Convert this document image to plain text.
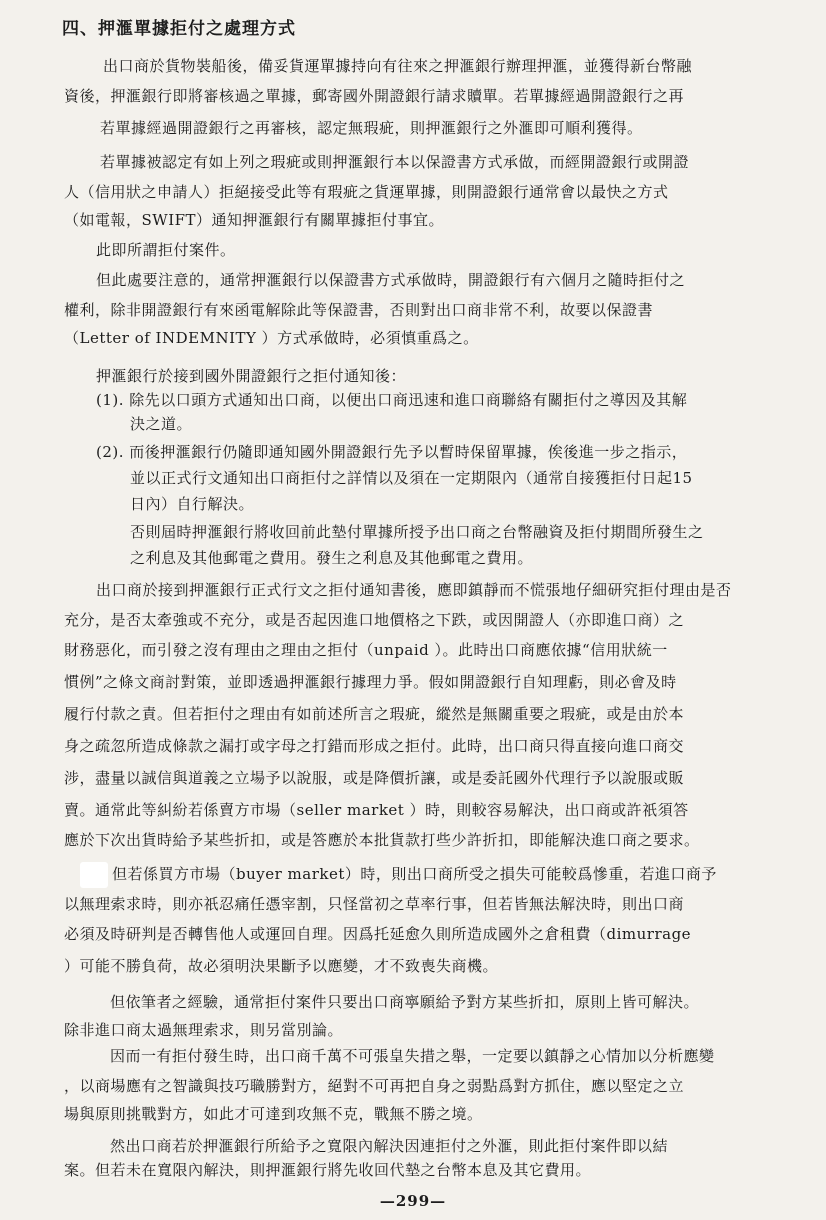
四、押滙單據拒付之處理方式
出口商於貨物裝船後，備妥貨運單據持向有往來之押滙銀行辦理押滙，並獲得新台幣融
資後，押滙銀行即將審核過之單據，郵寄國外開證銀行請求贖單。若單據經過開證銀行之再
若單據經過開證銀行之再審核，認定無瑕疵，則押滙銀行之外滙即可順利獲得。
若單據被認定有如上列之瑕疵或則押滙銀行本以保證書方式承做，而經開證銀行或開證
人（信用狀之申請人）拒絕接受此等有瑕疵之貨運單據，則開證銀行通常會以最快之方式
（如電報，SWIFT）通知押滙銀行有關單據拒付事宜。
此即所謂拒付案件。
但此處要注意的，通常押滙銀行以保證書方式承做時，開證銀行有六個月之隨時拒付之
權利，除非開證銀行有來函電解除此等保證書，否則對出口商非常不利，故要以保證書
（Letter of INDEMNITY ）方式承做時，必須慎重爲之。
押滙銀行於接到國外開證銀行之拒付通知後：
(1). 除先以口頭方式通知出口商，以便出口商迅速和進口商聯絡有關拒付之導因及其解
決之道。
(2). 而後押滙銀行仍隨即通知國外開證銀行先予以暫時保留單據，俟後進一步之指示，
並以正式行文通知出口商拒付之詳情以及須在一定期限內（通常自接獲拒付日起15
日內）自行解決。
否則屆時押滙銀行將收回前此墊付單據所授予出口商之台幣融資及拒付期間所發生之
之利息及其他郵電之費用。發生之利息及其他郵電之費用。
出口商於接到押滙銀行正式行文之拒付通知書後，應即鎮靜而不慌張地仔細研究拒付理由是否
充分，是否太牽強或不充分，或是否起因進口地價格之下跌，或因開證人（亦即進口商）之
財務惡化，而引發之沒有理由之理由之拒付（unpaid ）。此時出口商應依據“信用狀統一
慣例”之條文商討對策，並即透過押滙銀行據理力爭。假如開證銀行自知理虧，則必會及時
履行付款之責。但若拒付之理由有如前述所言之瑕疵，縱然是無關重要之瑕疵，或是由於本
身之疏忽所造成條款之漏打或字母之打錯而形成之拒付。此時，出口商只得直接向進口商交
涉，盡量以誠信與道義之立場予以說服，或是降價折讓，或是委託國外代理行予以說服或販
賣。通常此等糾紛若係賣方市場（seller market ）時，則較容易解決，出口商或許祇須答
應於下次出貨時給予某些折扣，或是答應於本批貨款打些少許折扣，即能解決進口商之要求。
但若係買方市場（buyer market）時，則出口商所受之損失可能較爲慘重，若進口商予
以無理索求時，則亦祇忍痛任憑宰割，只怪當初之草率行事，但若皆無法解決時，則出口商
必須及時研判是否轉售他人或運回自理。因爲托延愈久則所造成國外之倉租費（dimurrage
）可能不勝負荷，故必須明決果斷予以應變，才不致喪失商機。
但依筆者之經驗，通常拒付案件只要出口商寧願給予對方某些折扣，原則上皆可解決。
除非進口商太過無理索求，則另當別論。
因而一有拒付發生時，出口商千萬不可張皇失措之舉，一定要以鎮靜之心情加以分析應變
，以商場應有之智識與技巧職勝對方，絕對不可再把自身之弱點爲對方抓住，應以堅定之立
場與原則挑戰對方，如此才可達到攻無不克，戰無不勝之境。
然出口商若於押滙銀行所給予之寬限內解決因連拒付之外滙，則此拒付案件即以結
案。但若未在寬限內解決，則押滙銀行將先收回代墊之台幣本息及其它費用。
—299—
